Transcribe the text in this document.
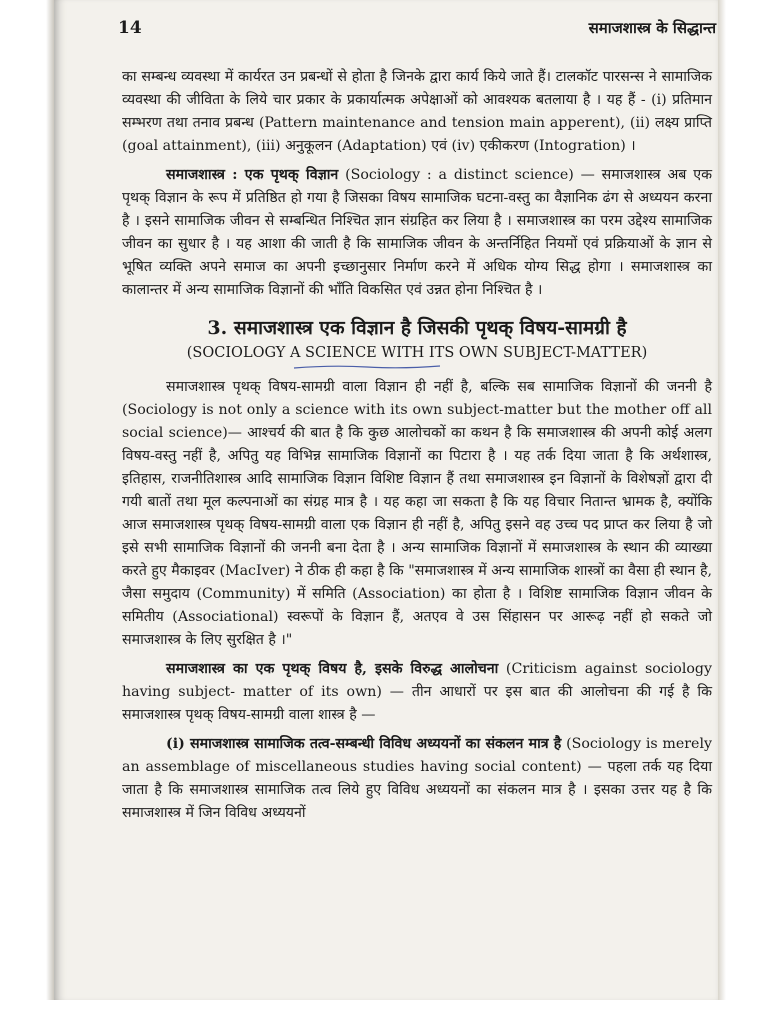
14	समाजशास्त्र के सिद्धान्त

का सम्बन्ध व्यवस्था में कार्यरत उन प्रबन्धों से होता है जिनके द्वारा कार्य किये जाते हैं। टालकॉट पारसन्स ने सामाजिक व्यवस्था की जीविता के लिये चार प्रकार के प्रकार्यात्मक अपेक्षाओं को आवश्यक बतलाया है । यह हैं - (i) प्रतिमान सम्भरण तथा तनाव प्रबन्ध (Pattern maintenance and tension main apperent), (ii) लक्ष्य प्राप्ति (goal attainment), (iii) अनुकूलन (Adaptation) एवं (iv) एकीकरण (Intogration) ।

समाजशास्त्र : एक पृथक् विज्ञान (Sociology : a distinct science) — समाजशास्त्र अब एक पृथक् विज्ञान के रूप में प्रतिष्ठित हो गया है जिसका विषय सामाजिक घटना-वस्तु का वैज्ञानिक ढंग से अध्ययन करना है । इसने सामाजिक जीवन से सम्बन्धित निश्चित ज्ञान संग्रहित कर लिया है । समाजशास्त्र का परम उद्देश्य सामाजिक जीवन का सुधार है । यह आशा की जाती है कि सामाजिक जीवन के अन्तर्निहित नियमों एवं प्रक्रियाओं के ज्ञान से भूषित व्यक्ति अपने समाज का अपनी इच्छानुसार निर्माण करने में अधिक योग्य सिद्ध होगा । समाजशास्त्र का कालान्तर में अन्य सामाजिक विज्ञानों की भाँति विकसित एवं उन्नत होना निश्चित है ।

3. समाजशास्त्र एक विज्ञान है जिसकी पृथक् विषय-सामग्री है

(SOCIOLOGY A SCIENCE WITH ITS OWN SUBJECT-MATTER)

समाजशास्त्र पृथक् विषय-सामग्री वाला विज्ञान ही नहीं है, बल्कि सब सामाजिक विज्ञानों की जननी है (Sociology is not only a science with its own subject-matter but the mother off all social science)— आश्चर्य की बात है कि कुछ आलोचकों का कथन है कि समाजशास्त्र की अपनी कोई अलग विषय-वस्तु नहीं है, अपितु यह विभिन्न सामाजिक विज्ञानों का पिटारा है । यह तर्क दिया जाता है कि अर्थशास्त्र, इतिहास, राजनीतिशास्त्र आदि सामाजिक विज्ञान विशिष्ट विज्ञान हैं तथा समाजशास्त्र इन विज्ञानों के विशेषज्ञों द्वारा दी गयी बातों तथा मूल कल्पनाओं का संग्रह मात्र है । यह कहा जा सकता है कि यह विचार नितान्त भ्रामक है, क्योंकि आज समाजशास्त्र पृथक् विषय-सामग्री वाला एक विज्ञान ही नहीं है, अपितु इसने वह उच्च पद प्राप्त कर लिया है जो इसे सभी सामाजिक विज्ञानों की जननी बना देता है । अन्य सामाजिक विज्ञानों में समाजशास्त्र के स्थान की व्याख्या करते हुए मैकाइवर (MacIver) ने ठीक ही कहा है कि "समाजशास्त्र में अन्य सामाजिक शास्त्रों का वैसा ही स्थान है, जैसा समुदाय (Community) में समिति (Association) का होता है । विशिष्ट सामाजिक विज्ञान जीवन के समितीय (Associational) स्वरूपों के विज्ञान हैं, अतएव वे उस सिंहासन पर आरूढ़ नहीं हो सकते जो समाजशास्त्र के लिए सुरक्षित है ।"

समाजशास्त्र का एक पृथक् विषय है, इसके विरुद्ध आलोचना (Criticism against sociology having subject- matter of its own) — तीन आधारों पर इस बात की आलोचना की गई है कि समाजशास्त्र पृथक् विषय-सामग्री वाला शास्त्र है —

(i) समाजशास्त्र सामाजिक तत्व-सम्बन्धी विविध अध्ययनों का संकलन मात्र है (Sociology is merely an assemblage of miscellaneous studies having social content) — पहला तर्क यह दिया जाता है कि समाजशास्त्र सामाजिक तत्व लिये हुए विविध अध्ययनों का संकलन मात्र है । इसका उत्तर यह है कि समाजशास्त्र में जिन विविध अध्ययनों
